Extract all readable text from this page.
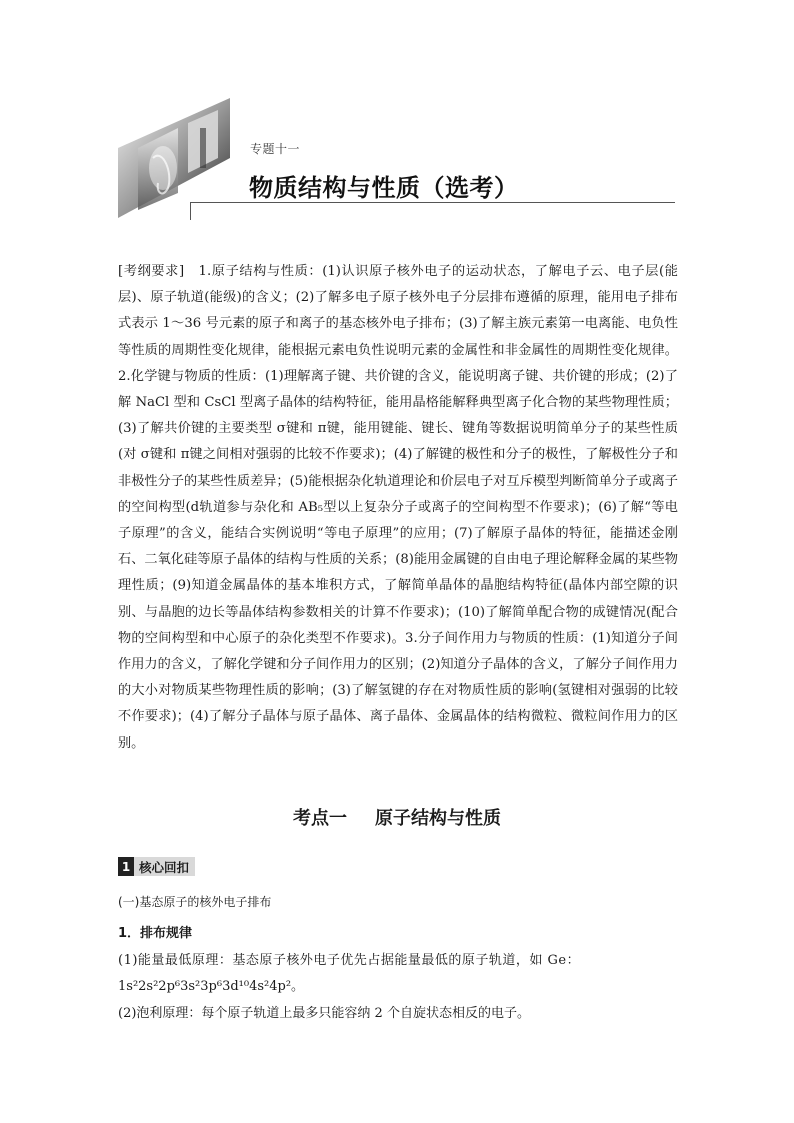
专题十一
物质结构与性质（选考）

[考纲要求]　1.原子结构与性质：(1)认识原子核外电子的运动状态，了解电子云、电子层(能层)、原子轨道(能级)的含义；(2)了解多电子原子核外电子分层排布遵循的原理，能用电子排布式表示 1～36 号元素的原子和离子的基态核外电子排布；(3)了解主族元素第一电离能、电负性等性质的周期性变化规律，能根据元素电负性说明元素的金属性和非金属性的周期性变化规律。2.化学键与物质的性质：(1)理解离子键、共价键的含义，能说明离子键、共价键的形成；(2)了解 NaCl 型和 CsCl 型离子晶体的结构特征，能用晶格能解释典型离子化合物的某些物理性质；(3)了解共价键的主要类型 σ键和 π键，能用键能、键长、键角等数据说明简单分子的某些性质(对 σ键和 π键之间相对强弱的比较不作要求)；(4)了解键的极性和分子的极性，了解极性分子和非极性分子的某些性质差异；(5)能根据杂化轨道理论和价层电子对互斥模型判断简单分子或离子的空间构型(d轨道参与杂化和 AB₅型以上复杂分子或离子的空间构型不作要求)；(6)了解“等电子原理”的含义，能结合实例说明“等电子原理”的应用；(7)了解原子晶体的特征，能描述金刚石、二氧化硅等原子晶体的结构与性质的关系；(8)能用金属键的自由电子理论解释金属的某些物理性质；(9)知道金属晶体的基本堆积方式，了解简单晶体的晶胞结构特征(晶体内部空隙的识别、与晶胞的边长等晶体结构参数相关的计算不作要求)；(10)了解简单配合物的成键情况(配合物的空间构型和中心原子的杂化类型不作要求)。3.分子间作用力与物质的性质：(1)知道分子间作用力的含义，了解化学键和分子间作用力的区别；(2)知道分子晶体的含义，了解分子间作用力的大小对物质某些物理性质的影响；(3)了解氢键的存在对物质性质的影响(氢键相对强弱的比较不作要求)；(4)了解分子晶体与原子晶体、离子晶体、金属晶体的结构微粒、微粒间作用力的区别。

考点一 原子结构与性质
1 核心回扣

(一)基态原子的核外电子排布

1．排布规律

(1)能量最低原理：基态原子核外电子优先占据能量最低的原子轨道，如 Ge：
1s²2s²2p⁶3s²3p⁶3d¹⁰4s²4p²。

(2)泡利原理：每个原子轨道上最多只能容纳 2 个自旋状态相反的电子。
